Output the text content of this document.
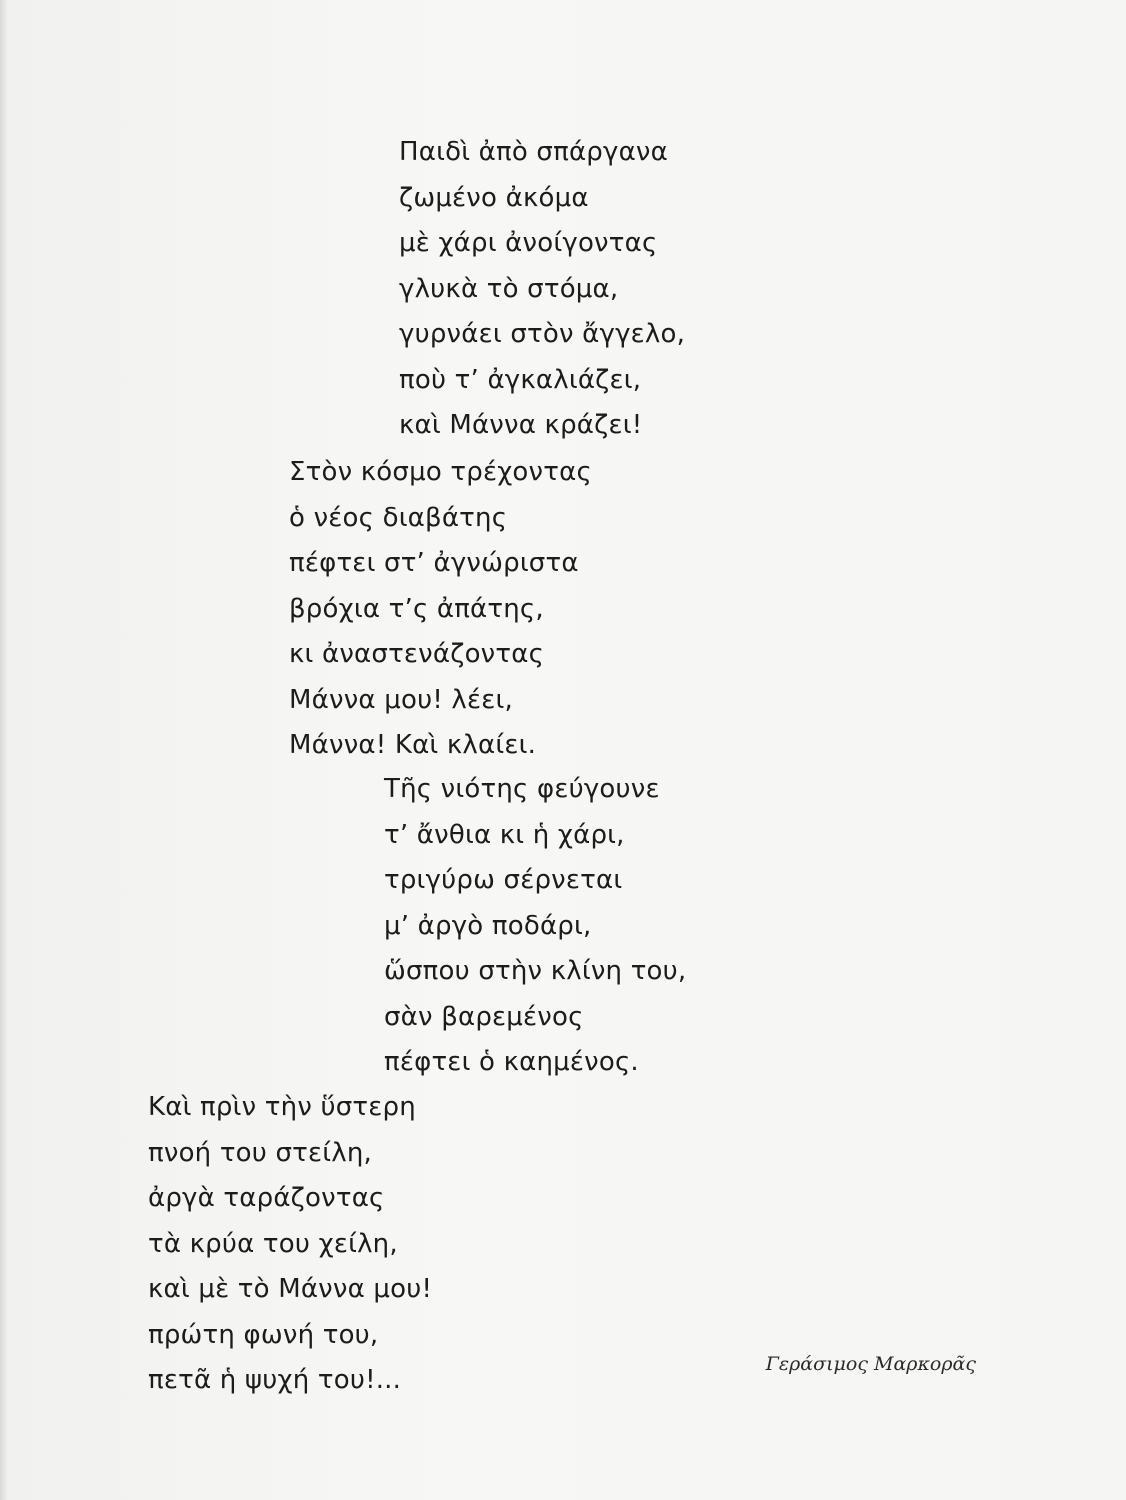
Παιδὶ ἀπὸ σπάργανα
ζωμένο ἀκόμα
μὲ χάρι ἀνοίγοντας
γλυκὰ τὸ στόμα,
γυρνάει στὸν ἄγγελο,
ποὺ τ’ ἀγκαλιάζει,
καὶ Μάννα κράζει!
Στὸν κόσμο τρέχοντας
ὁ νέος διαβάτης
πέφτει στ’ ἀγνώριστα
βρόχια τ’ς ἀπάτης,
κι ἀναστενάζοντας
Μάννα μου! λέει,
Μάννα! Καὶ κλαίει.
Τῆς νιότης φεύγουνε
τ’ ἄνθια κι ἡ χάρι,
τριγύρω σέρνεται
μ’ ἀργὸ ποδάρι,
ὥσπου στὴν κλίνη του,
σὰν βαρεμένος
πέφτει ὁ καημένος.
Καὶ πρὶν τὴν ὕστερη
πνοή του στείλη,
ἀργὰ ταράζοντας
τὰ κρύα του χείλη,
καὶ μὲ τὸ Μάννα μου!
πρώτη φωνή του,
πετᾶ ἡ ψυχή του!...
Γεράσιμος Μαρκορᾶς
